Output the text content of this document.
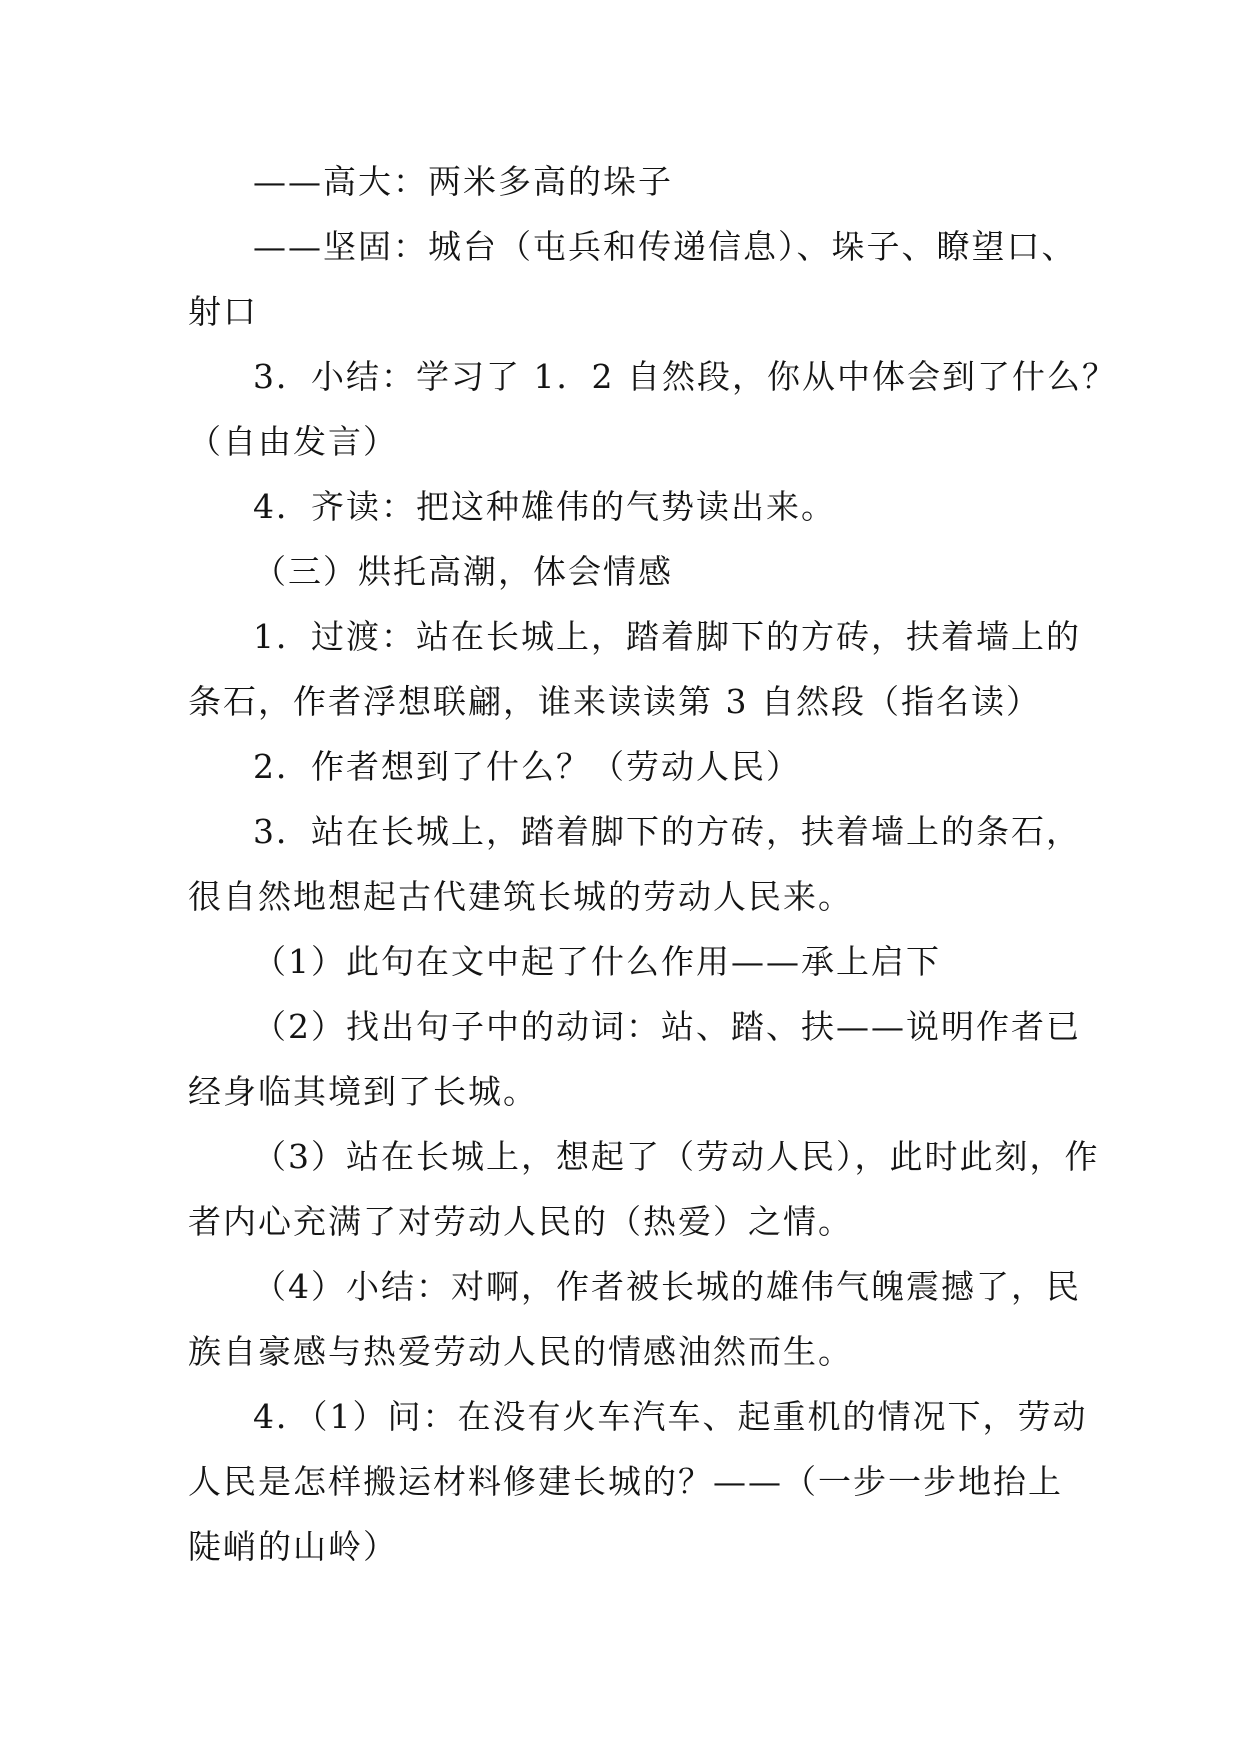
——高大：两米多高的垛子
——坚固：城台（屯兵和传递信息）、垛子、瞭望口、
射口
3．小结：学习了 1．2 自然段，你从中体会到了什么？
（自由发言）
4．齐读：把这种雄伟的气势读出来。
（三）烘托高潮，体会情感
1．过渡：站在长城上，踏着脚下的方砖，扶着墙上的
条石，作者浮想联翩，谁来读读第 3 自然段（指名读）
2．作者想到了什么？（劳动人民）
3．站在长城上，踏着脚下的方砖，扶着墙上的条石，
很自然地想起古代建筑长城的劳动人民来。
（1）此句在文中起了什么作用——承上启下
（2）找出句子中的动词：站、踏、扶——说明作者已
经身临其境到了长城。
（3）站在长城上，想起了（劳动人民），此时此刻，作
者内心充满了对劳动人民的（热爱）之情。
（4）小结：对啊，作者被长城的雄伟气魄震撼了，民
族自豪感与热爱劳动人民的情感油然而生。
4．（1）问：在没有火车汽车、起重机的情况下，劳动
人民是怎样搬运材料修建长城的？——（一步一步地抬上
陡峭的山岭）
